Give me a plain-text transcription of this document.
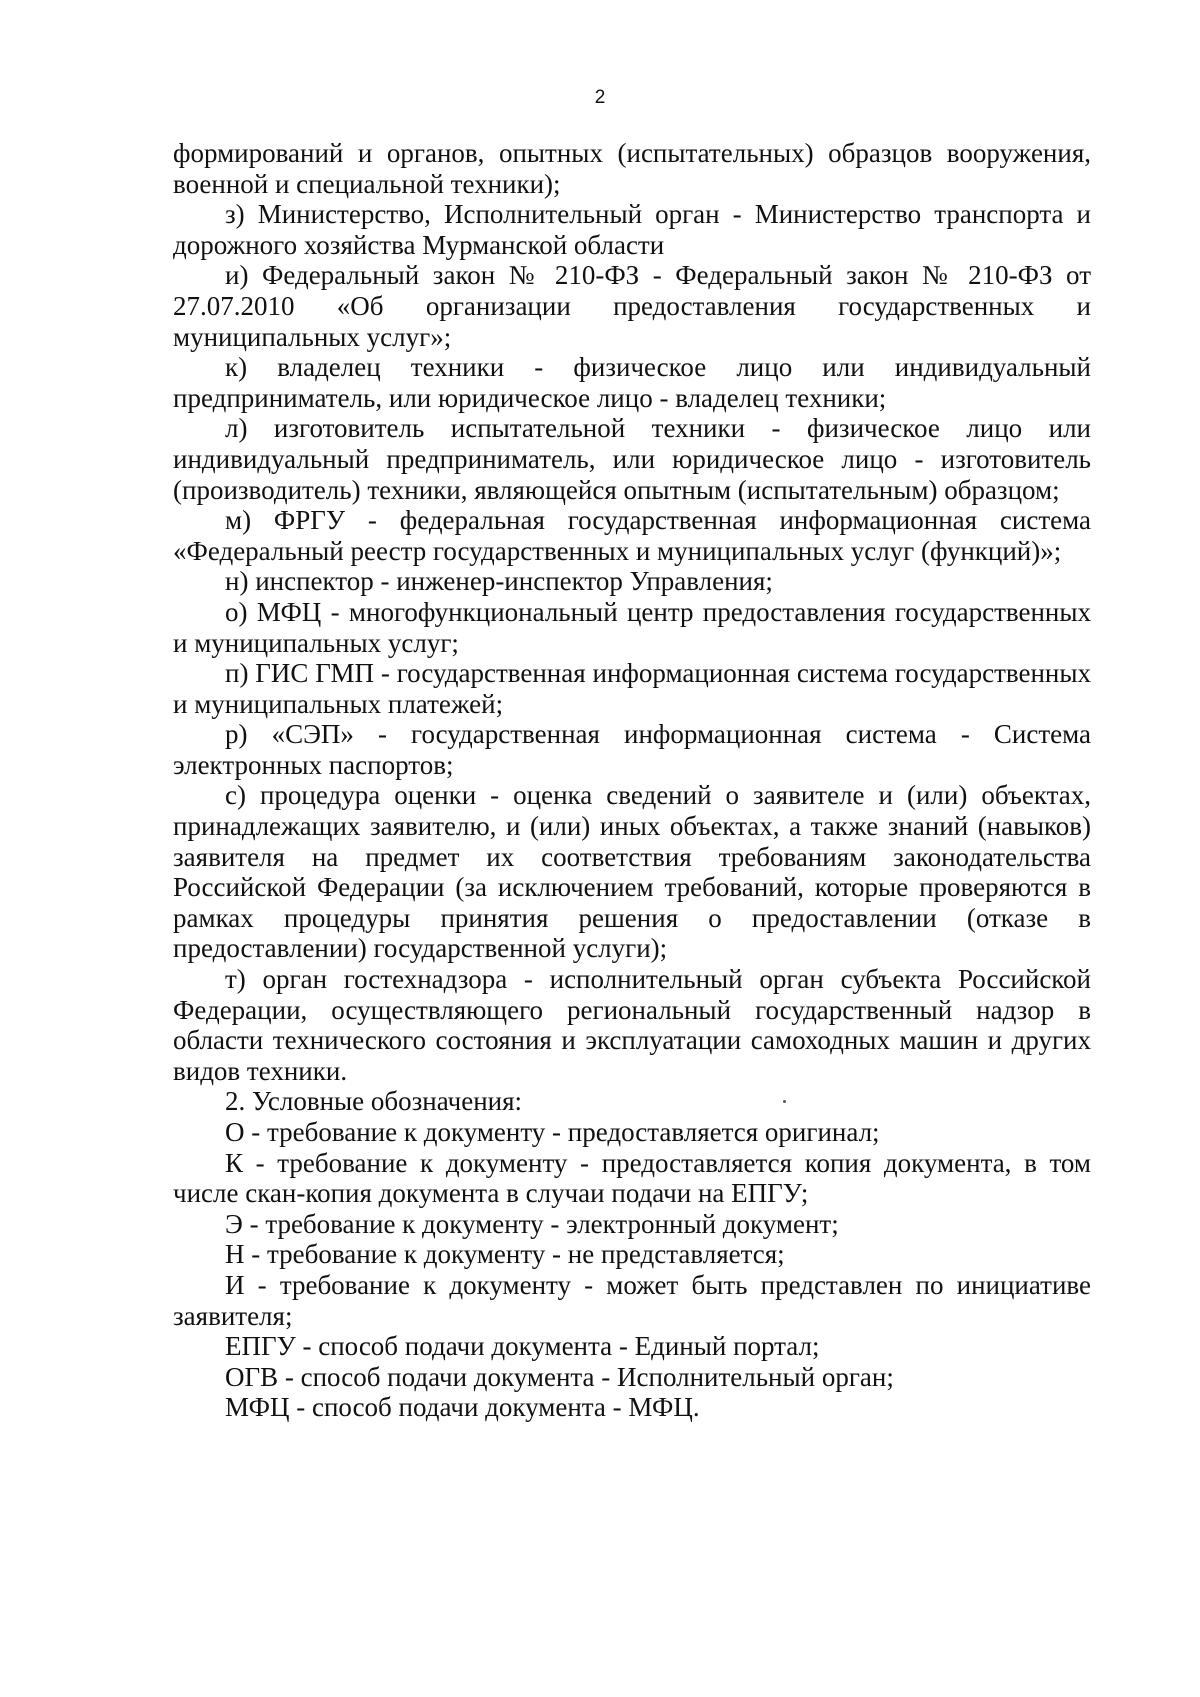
2

формирований и органов, опытных (испытательных) образцов вооружения, военной и специальной техники);

з) Министерство, Исполнительный орган - Министерство транспорта и дорожного хозяйства Мурманской области

и) Федеральный закон № 210-ФЗ - Федеральный закон № 210-ФЗ от 27.07.2010 «Об организации предоставления государственных и муниципальных услуг»;

к) владелец техники - физическое лицо или индивидуальный предприниматель, или юридическое лицо - владелец техники;

л) изготовитель испытательной техники - физическое лицо или индивидуальный предприниматель, или юридическое лицо - изготовитель (производитель) техники, являющейся опытным (испытательным) образцом;

м) ФРГУ - федеральная государственная информационная система «Федеральный реестр государственных и муниципальных услуг (функций)»;

н) инспектор - инженер-инспектор Управления;

о) МФЦ - многофункциональный центр предоставления государственных и муниципальных услуг;

п) ГИС ГМП - государственная информационная система государственных и муниципальных платежей;

р) «СЭП» - государственная информационная система - Система электронных паспортов;

с) процедура оценки - оценка сведений о заявителе и (или) объектах, принадлежащих заявителю, и (или) иных объектах, а также знаний (навыков) заявителя на предмет их соответствия требованиям законодательства Российской Федерации (за исключением требований, которые проверяются в рамках процедуры принятия решения о предоставлении (отказе в предоставлении) государственной услуги);

т) орган гостехнадзора - исполнительный орган субъекта Российской Федерации, осуществляющего региональный государственный надзор в области технического состояния и эксплуатации самоходных машин и других видов техники.

2. Условные обозначения:

О - требование к документу - предоставляется оригинал;

К - требование к документу - предоставляется копия документа, в том числе скан-копия документа в случаи подачи на ЕПГУ;

Э - требование к документу - электронный документ;

Н - требование к документу - не представляется;

И - требование к документу - может быть представлен по инициативе заявителя;

ЕПГУ - способ подачи документа - Единый портал;

ОГВ - способ подачи документа - Исполнительный орган;

МФЦ - способ подачи документа - МФЦ.
